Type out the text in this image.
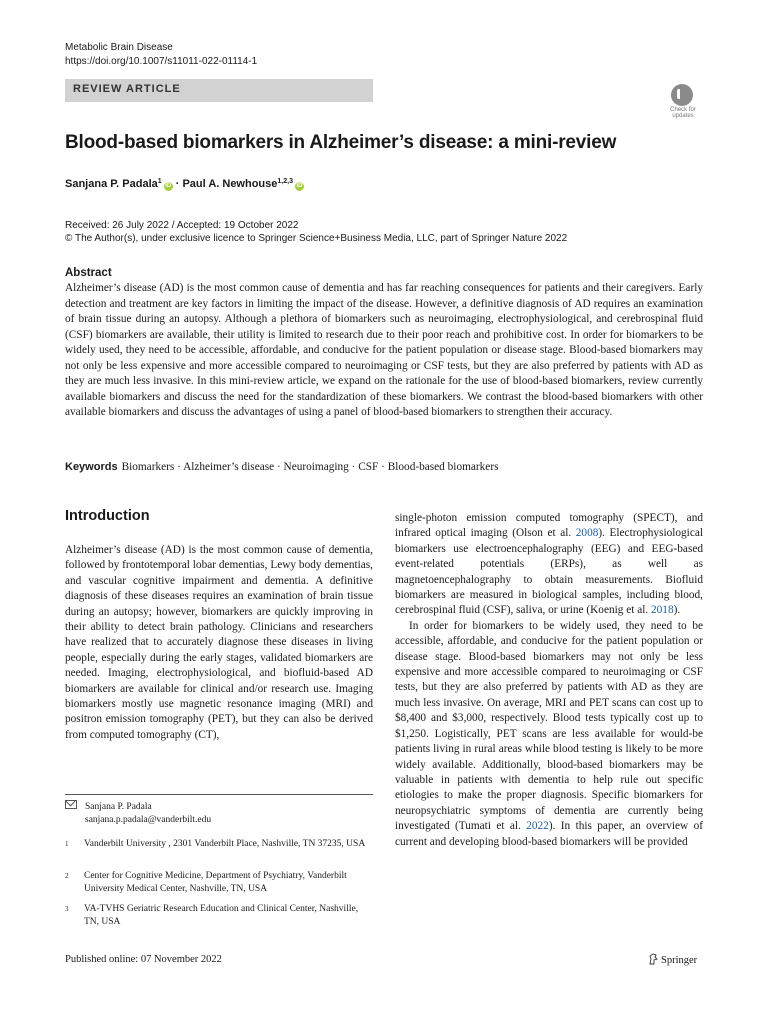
Metabolic Brain Disease
https://doi.org/10.1007/s11011-022-01114-1
REVIEW ARTICLE
Check for
updates
Blood-based biomarkers in Alzheimer’s disease: a mini-review
Sanjana P. Padala$^1$iD · Paul A. Newhouse$^{1,2,3}$iD
Received: 26 July 2022 / Accepted: 19 October 2022
© The Author(s), under exclusive licence to Springer Science+Business Media, LLC, part of Springer Nature 2022
Abstract
Alzheimer’s disease (AD) is the most common cause of dementia and has far reaching consequences for patients and their caregivers. Early detection and treatment are key factors in limiting the impact of the disease. However, a definitive diagnosis of AD requires an examination of brain tissue during an autopsy. Although a plethora of biomarkers such as neuroimaging, electrophysiological, and cerebrospinal fluid (CSF) biomarkers are available, their utility is limited to research due to their poor reach and prohibitive cost. In order for biomarkers to be widely used, they need to be accessible, affordable, and conducive for the patient population or disease stage. Blood-based biomarkers may not only be less expensive and more accessible compared to neuroimaging or CSF tests, but they are also preferred by patients with AD as they are much less invasive. In this mini-review article, we expand on the rationale for the use of blood-based biomarkers, review currently available biomarkers and discuss the need for the standardization of these biomarkers. We contrast the blood-based biomarkers with other available biomarkers and discuss the advantages of using a panel of blood-based biomarkers to strengthen their accuracy.
Keywords Biomarkers · Alzheimer’s disease · Neuroimaging · CSF · Blood-based biomarkers
Introduction

Alzheimer’s disease (AD) is the most common cause of dementia, followed by frontotemporal lobar dementias, Lewy body dementias, and vascular cognitive impairment and dementia. A definitive diagnosis of these diseases requires an examination of brain tissue during an autopsy; however, biomarkers are quickly improving in their ability to detect brain pathology. Clinicians and researchers have realized that to accurately diagnose these diseases in living people, especially during the early stages, validated biomarkers are needed. Imaging, electrophysiological, and biofluid-based AD biomarkers are available for clinical and/or research use. Imaging biomarkers mostly use magnetic resonance imaging (MRI) and positron emission tomography (PET), but they can also be derived from computed tomography (CT),

single-photon emission computed tomography (SPECT), and infrared optical imaging (Olson et al. 2008). Electrophysiological biomarkers use electroencephalography (EEG) and EEG-based event-related potentials (ERPs), as well as magnetoencephalography to obtain measurements. Biofluid biomarkers are measured in biological samples, including blood, cerebrospinal fluid (CSF), saliva, or urine (Koenig et al. 2018).

In order for biomarkers to be widely used, they need to be accessible, affordable, and conducive for the patient population or disease stage. Blood-based biomarkers may not only be less expensive and more accessible compared to neuroimaging or CSF tests, but they are also preferred by patients with AD as they are much less invasive. On average, MRI and PET scans can cost up to $8,400 and $3,000, respectively. Blood tests typically cost up to $1,250. Logistically, PET scans are less available for would-be patients living in rural areas while blood testing is likely to be more widely available. Additionally, blood-based biomarkers may be valuable in patients with dementia to help rule out specific etiologies to make the proper diagnosis. Specific biomarkers for neuropsychiatric symptoms of dementia are currently being investigated (Tumati et al. 2022). In this paper, an overview of current and developing blood-based biomarkers will be provided

Sanjana P. Padala
sanjana.p.padala@vanderbilt.edu
1 Vanderbilt University , 2301 Vanderbilt Place, Nashville, TN 37235, USA
2 Center for Cognitive Medicine, Department of Psychiatry, Vanderbilt University Medical Center, Nashville, TN, USA
3 VA-TVHS Geriatric Research Education and Clinical Center, Nashville, TN, USA
Published online: 07 November 2022	Springer
